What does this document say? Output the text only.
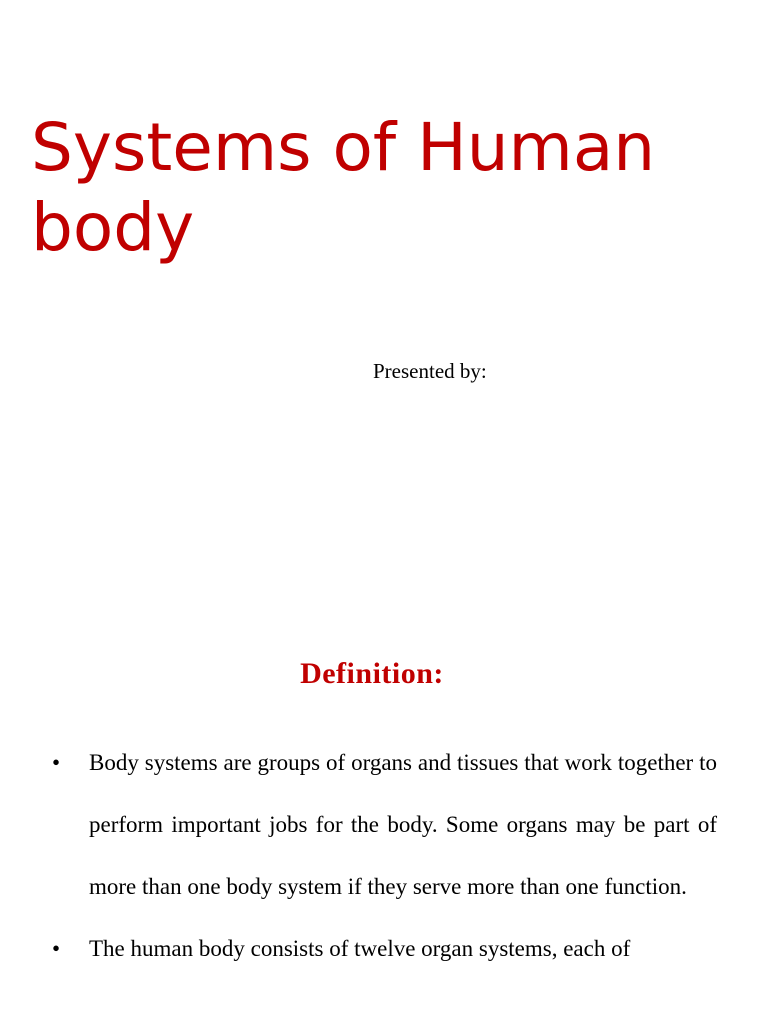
Systems of Human body

Presented by:

Definition:
• Body systems are groups of organs and tissues that work together to perform important jobs for the body. Some organs may be part of more than one body system if they serve more than one function.
• The human body consists of twelve organ systems, each of
